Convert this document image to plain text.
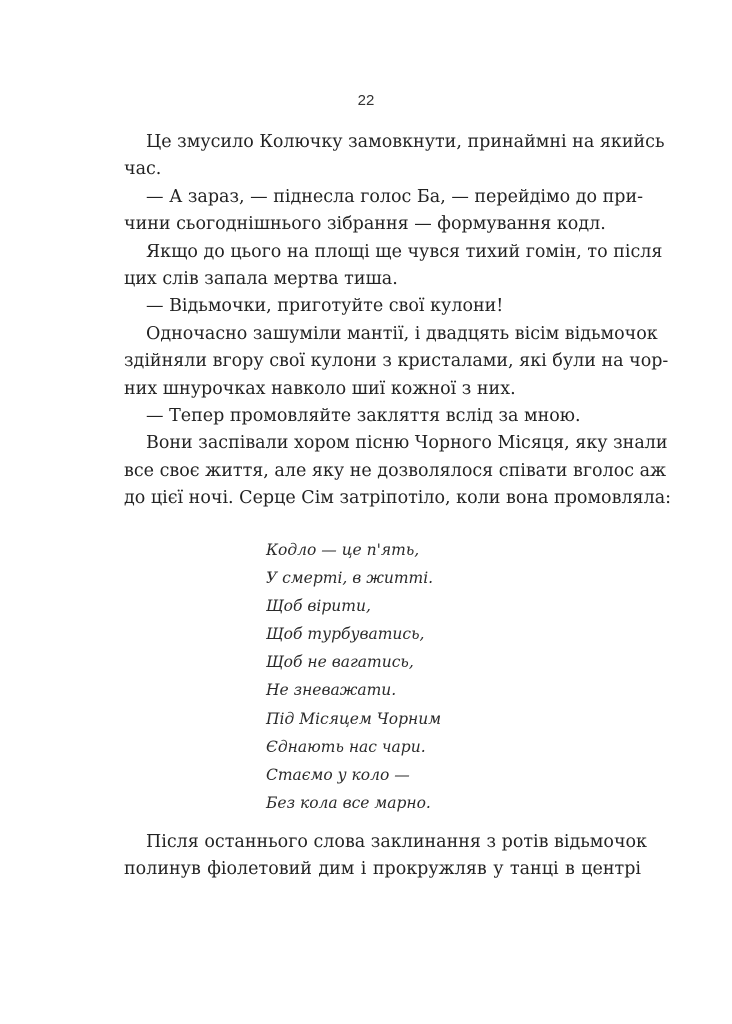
22
Це змусило Колючку замовкнути, принаймні на якийсь
час.
— А зараз, — піднесла голос Ба, — перейдімо до при-
чини сьогоднішнього зібрання — формування кодл.
Якщо до цього на площі ще чувся тихий гомін, то після
цих слів запала мертва тиша.
— Відьмочки, приготуйте свої кулони!
Одночасно зашуміли мантії, і двадцять вісім відьмочок
здійняли вгору свої кулони з кристалами, які були на чор-
них шнурочках навколо шиї кожної з них.
— Тепер промовляйте закляття вслід за мною.
Вони заспівали хором пісню Чорного Місяця, яку знали
все своє життя, але яку не дозволялося співати вголос аж
до цієї ночі. Серце Сім затріпотіло, коли вона промовляла:
Кодло — це п'ять,
У смерті, в житті.
Щоб вірити,
Щоб турбуватись,
Щоб не вагатись,
Не зневажати.
Під Місяцем Чорним
Єднають нас чари.
Стаємо у коло —
Без кола все марно.
Після останнього слова заклинання з ротів відьмочок
полинув фіолетовий дим і прокружляв у танці в центрі
